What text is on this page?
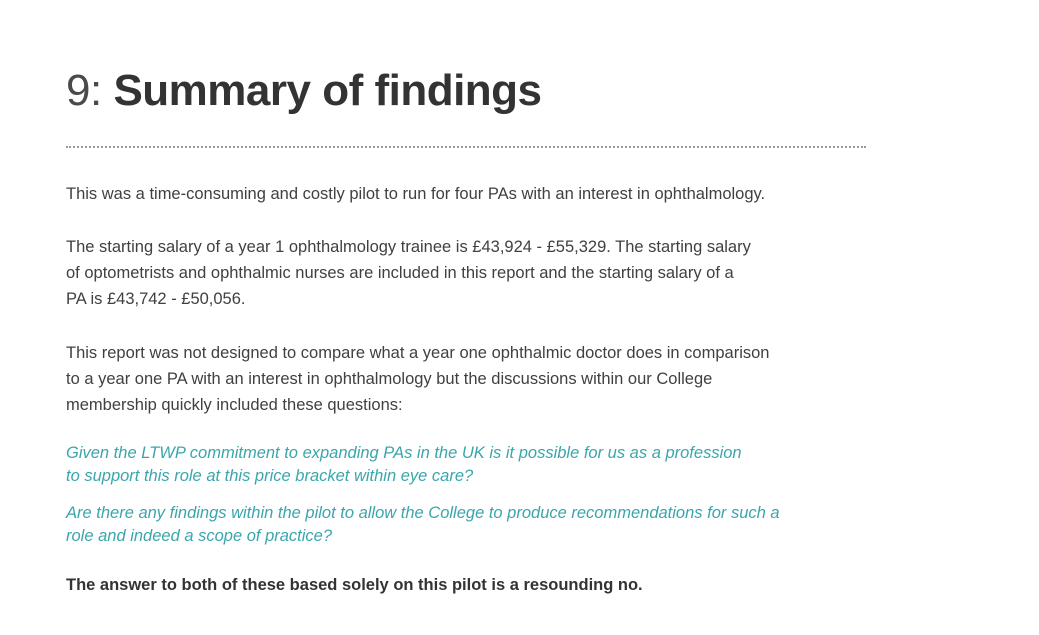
9: Summary of findings

This was a time-consuming and costly pilot to run for four PAs with an interest in ophthalmology.

The starting salary of a year 1 ophthalmology trainee is £43,924 - £55,329. The starting salary
of optometrists and ophthalmic nurses are included in this report and the starting salary of a
PA is £43,742 - £50,056.

This report was not designed to compare what a year one ophthalmic doctor does in comparison
to a year one PA with an interest in ophthalmology but the discussions within our College
membership quickly included these questions:

Given the LTWP commitment to expanding PAs in the UK is it possible for us as a profession
to support this role at this price bracket within eye care?

Are there any findings within the pilot to allow the College to produce recommendations for such a
role and indeed a scope of practice?

The answer to both of these based solely on this pilot is a resounding no.
